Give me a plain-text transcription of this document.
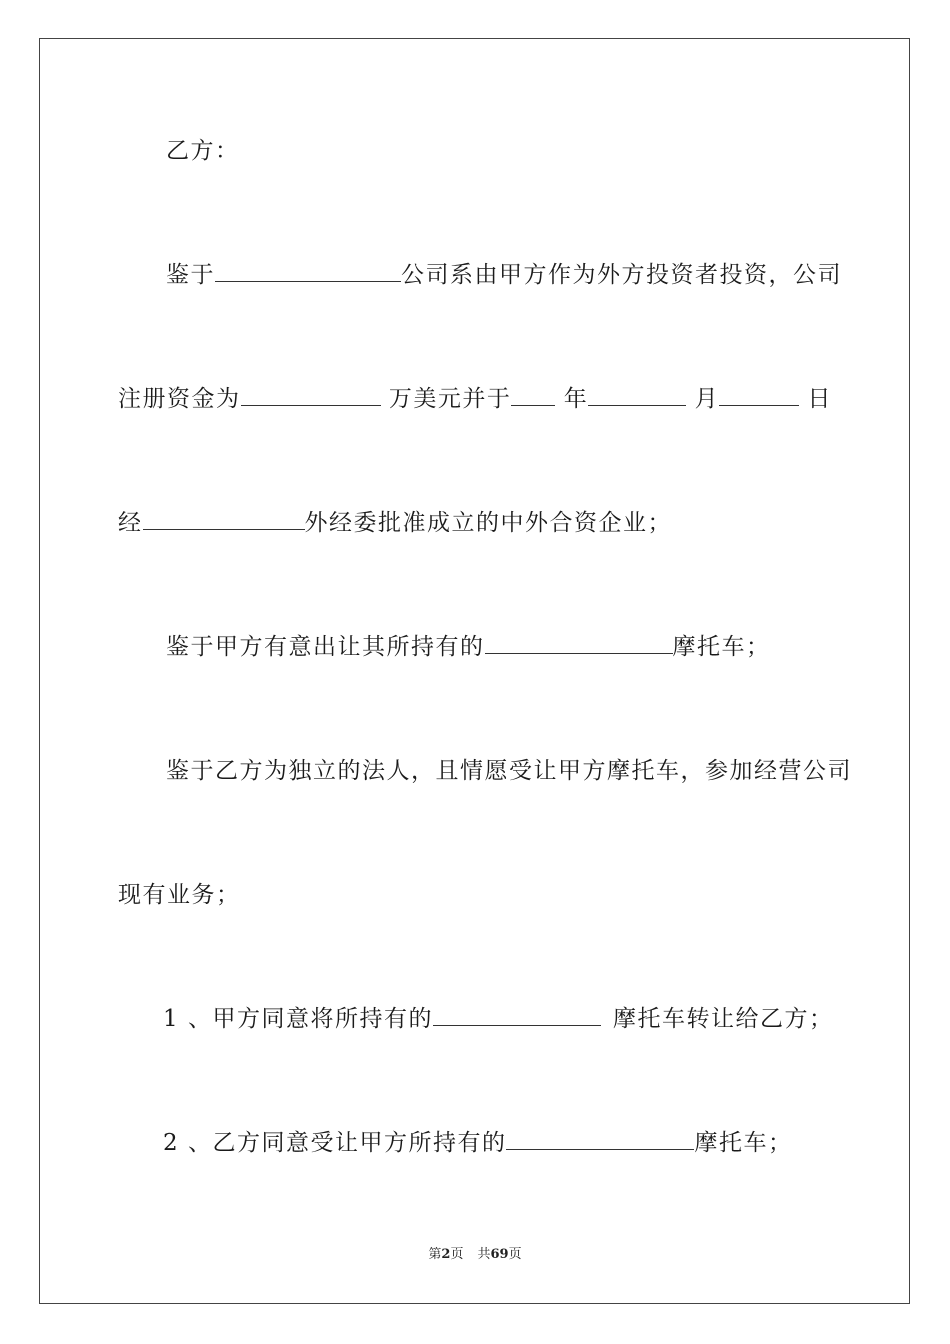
乙方：
鉴于	公司系由甲方作为外方投资者投资，公司
注册资金为	万美元并于	年	月	日
经	外经委批准成立的中外合资企业；
鉴于甲方有意出让其所持有的	摩托车；
鉴于乙方为独立的法人，且情愿受让甲方摩托车，参加经营公司
现有业务；
1 、甲方同意将所持有的	摩托车转让给乙方；
2 、乙方同意受让甲方所持有的	摩托车；
第2页 共69页
